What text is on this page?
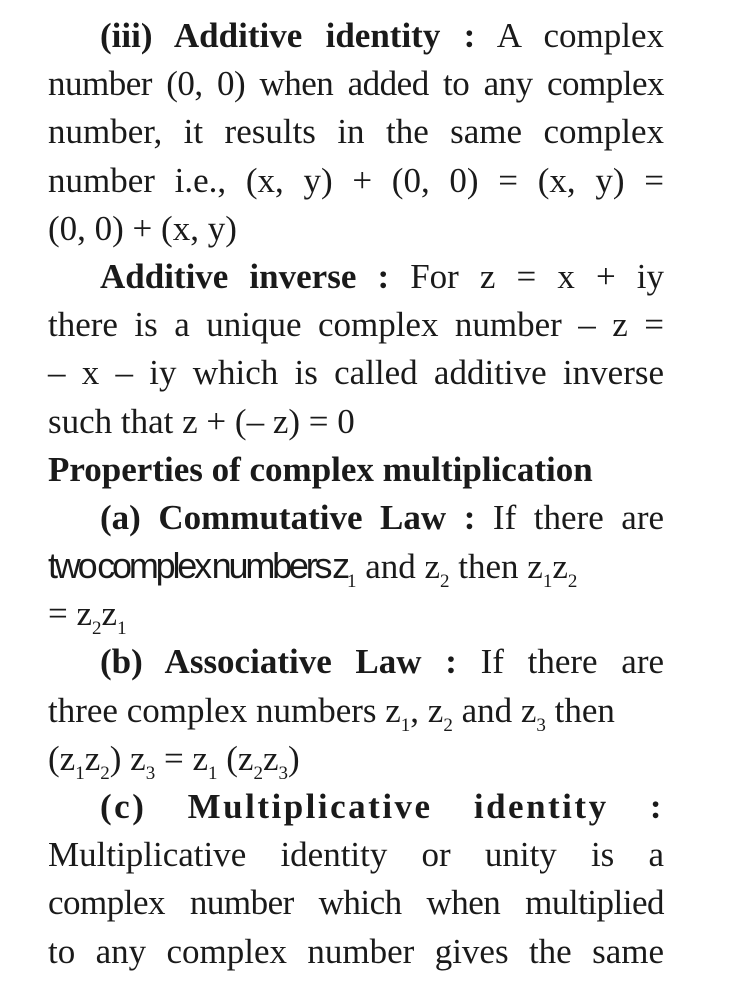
(iii) Additive identity : A complex
number (0, 0) when added to any complex
number, it results in the same complex
number i.e., (x, y) + (0, 0) = (x, y) =
(0, 0) + (x, y)
Additive inverse : For z = x + iy
there is a unique complex number – z =
– x – iy which is called additive inverse
such that z + (– z) = 0
Properties of complex multiplication
(a) Commutative Law : If there are
two complex numbers $z_1$ and $z_2$ then $z_1z_2$
= $z_2z_1$
(b) Associative Law : If there are
three complex numbers $z_1$, $z_2$ and $z_3$ then
$(z_1z_2) z_3 = z_1$ $(z_2z_3)$
(c) Multiplicative identity :
Multiplicative identity or unity is a
complex number which when multiplied
to any complex number gives the same
